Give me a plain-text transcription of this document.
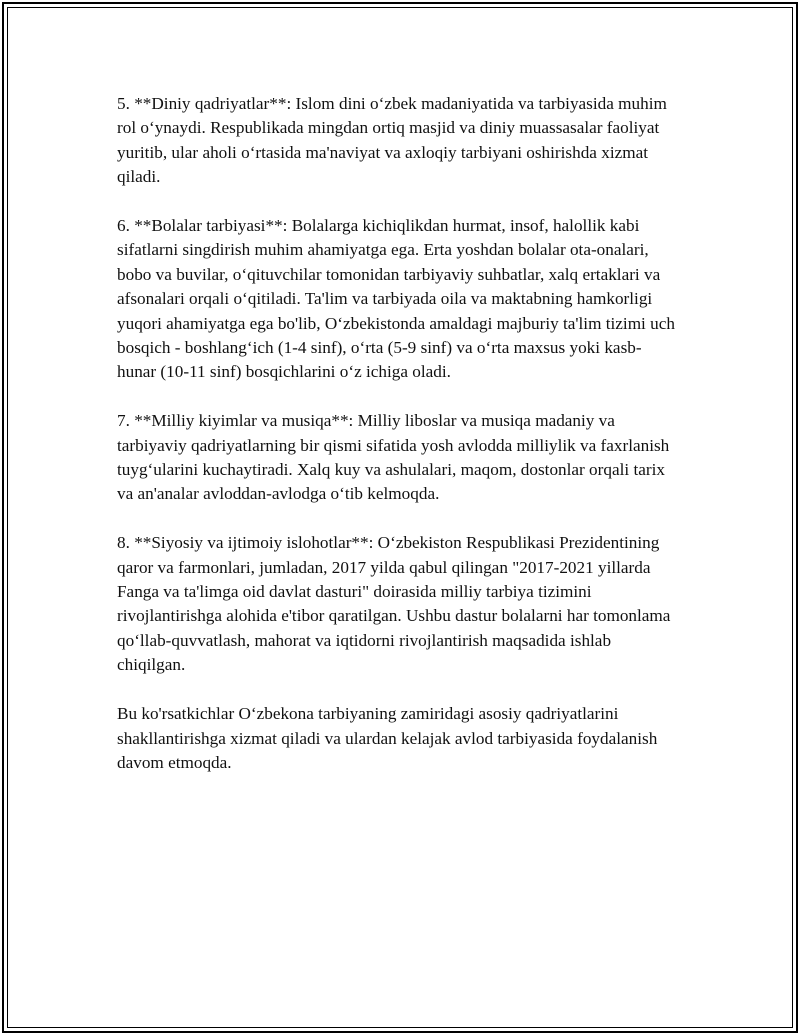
5. **Diniy qadriyatlar**: Islom dini o‘zbek madaniyatida va tarbiyasida muhim rol o‘ynaydi. Respublikada mingdan ortiq masjid va diniy muassasalar faoliyat yuritib, ular aholi o‘rtasida ma'naviyat va axloqiy tarbiyani oshirishda xizmat qiladi.

6. **Bolalar tarbiyasi**: Bolalarga kichiqlikdan hurmat, insof, halollik kabi sifatlarni singdirish muhim ahamiyatga ega. Erta yoshdan bolalar ota-onalari, bobo va buvilar, o‘qituvchilar tomonidan tarbiyaviy suhbatlar, xalq ertaklari va afsonalari orqali o‘qitiladi. Ta'lim va tarbiyada oila va maktabning hamkorligi yuqori ahamiyatga ega bo'lib, O‘zbekistonda amaldagi majburiy ta'lim tizimi uch bosqich - boshlang‘ich (1-4 sinf), o‘rta (5-9 sinf) va o‘rta maxsus yoki kasb-hunar (10-11 sinf) bosqichlarini o‘z ichiga oladi.

7. **Milliy kiyimlar va musiqa**: Milliy liboslar va musiqa madaniy va tarbiyaviy qadriyatlarning bir qismi sifatida yosh avlodda milliylik va faxrlanish tuyg‘ularini kuchaytiradi. Xalq kuy va ashulalari, maqom, dostonlar orqali tarix va an'analar avloddan-avlodga o‘tib kelmoqda.

8. **Siyosiy va ijtimoiy islohotlar**: O‘zbekiston Respublikasi Prezidentining qaror va farmonlari, jumladan, 2017 yilda qabul qilingan "2017-2021 yillarda Fanga va ta'limga oid davlat dasturi" doirasida milliy tarbiya tizimini rivojlantirishga alohida e'tibor qaratilgan. Ushbu dastur bolalarni har tomonlama qo‘llab-quvvatlash, mahorat va iqtidorni rivojlantirish maqsadida ishlab chiqilgan.

Bu ko'rsatkichlar O‘zbekona tarbiyaning zamiridagi asosiy qadriyatlarini shakllantirishga xizmat qiladi va ulardan kelajak avlod tarbiyasida foydalanish davom etmoqda.
